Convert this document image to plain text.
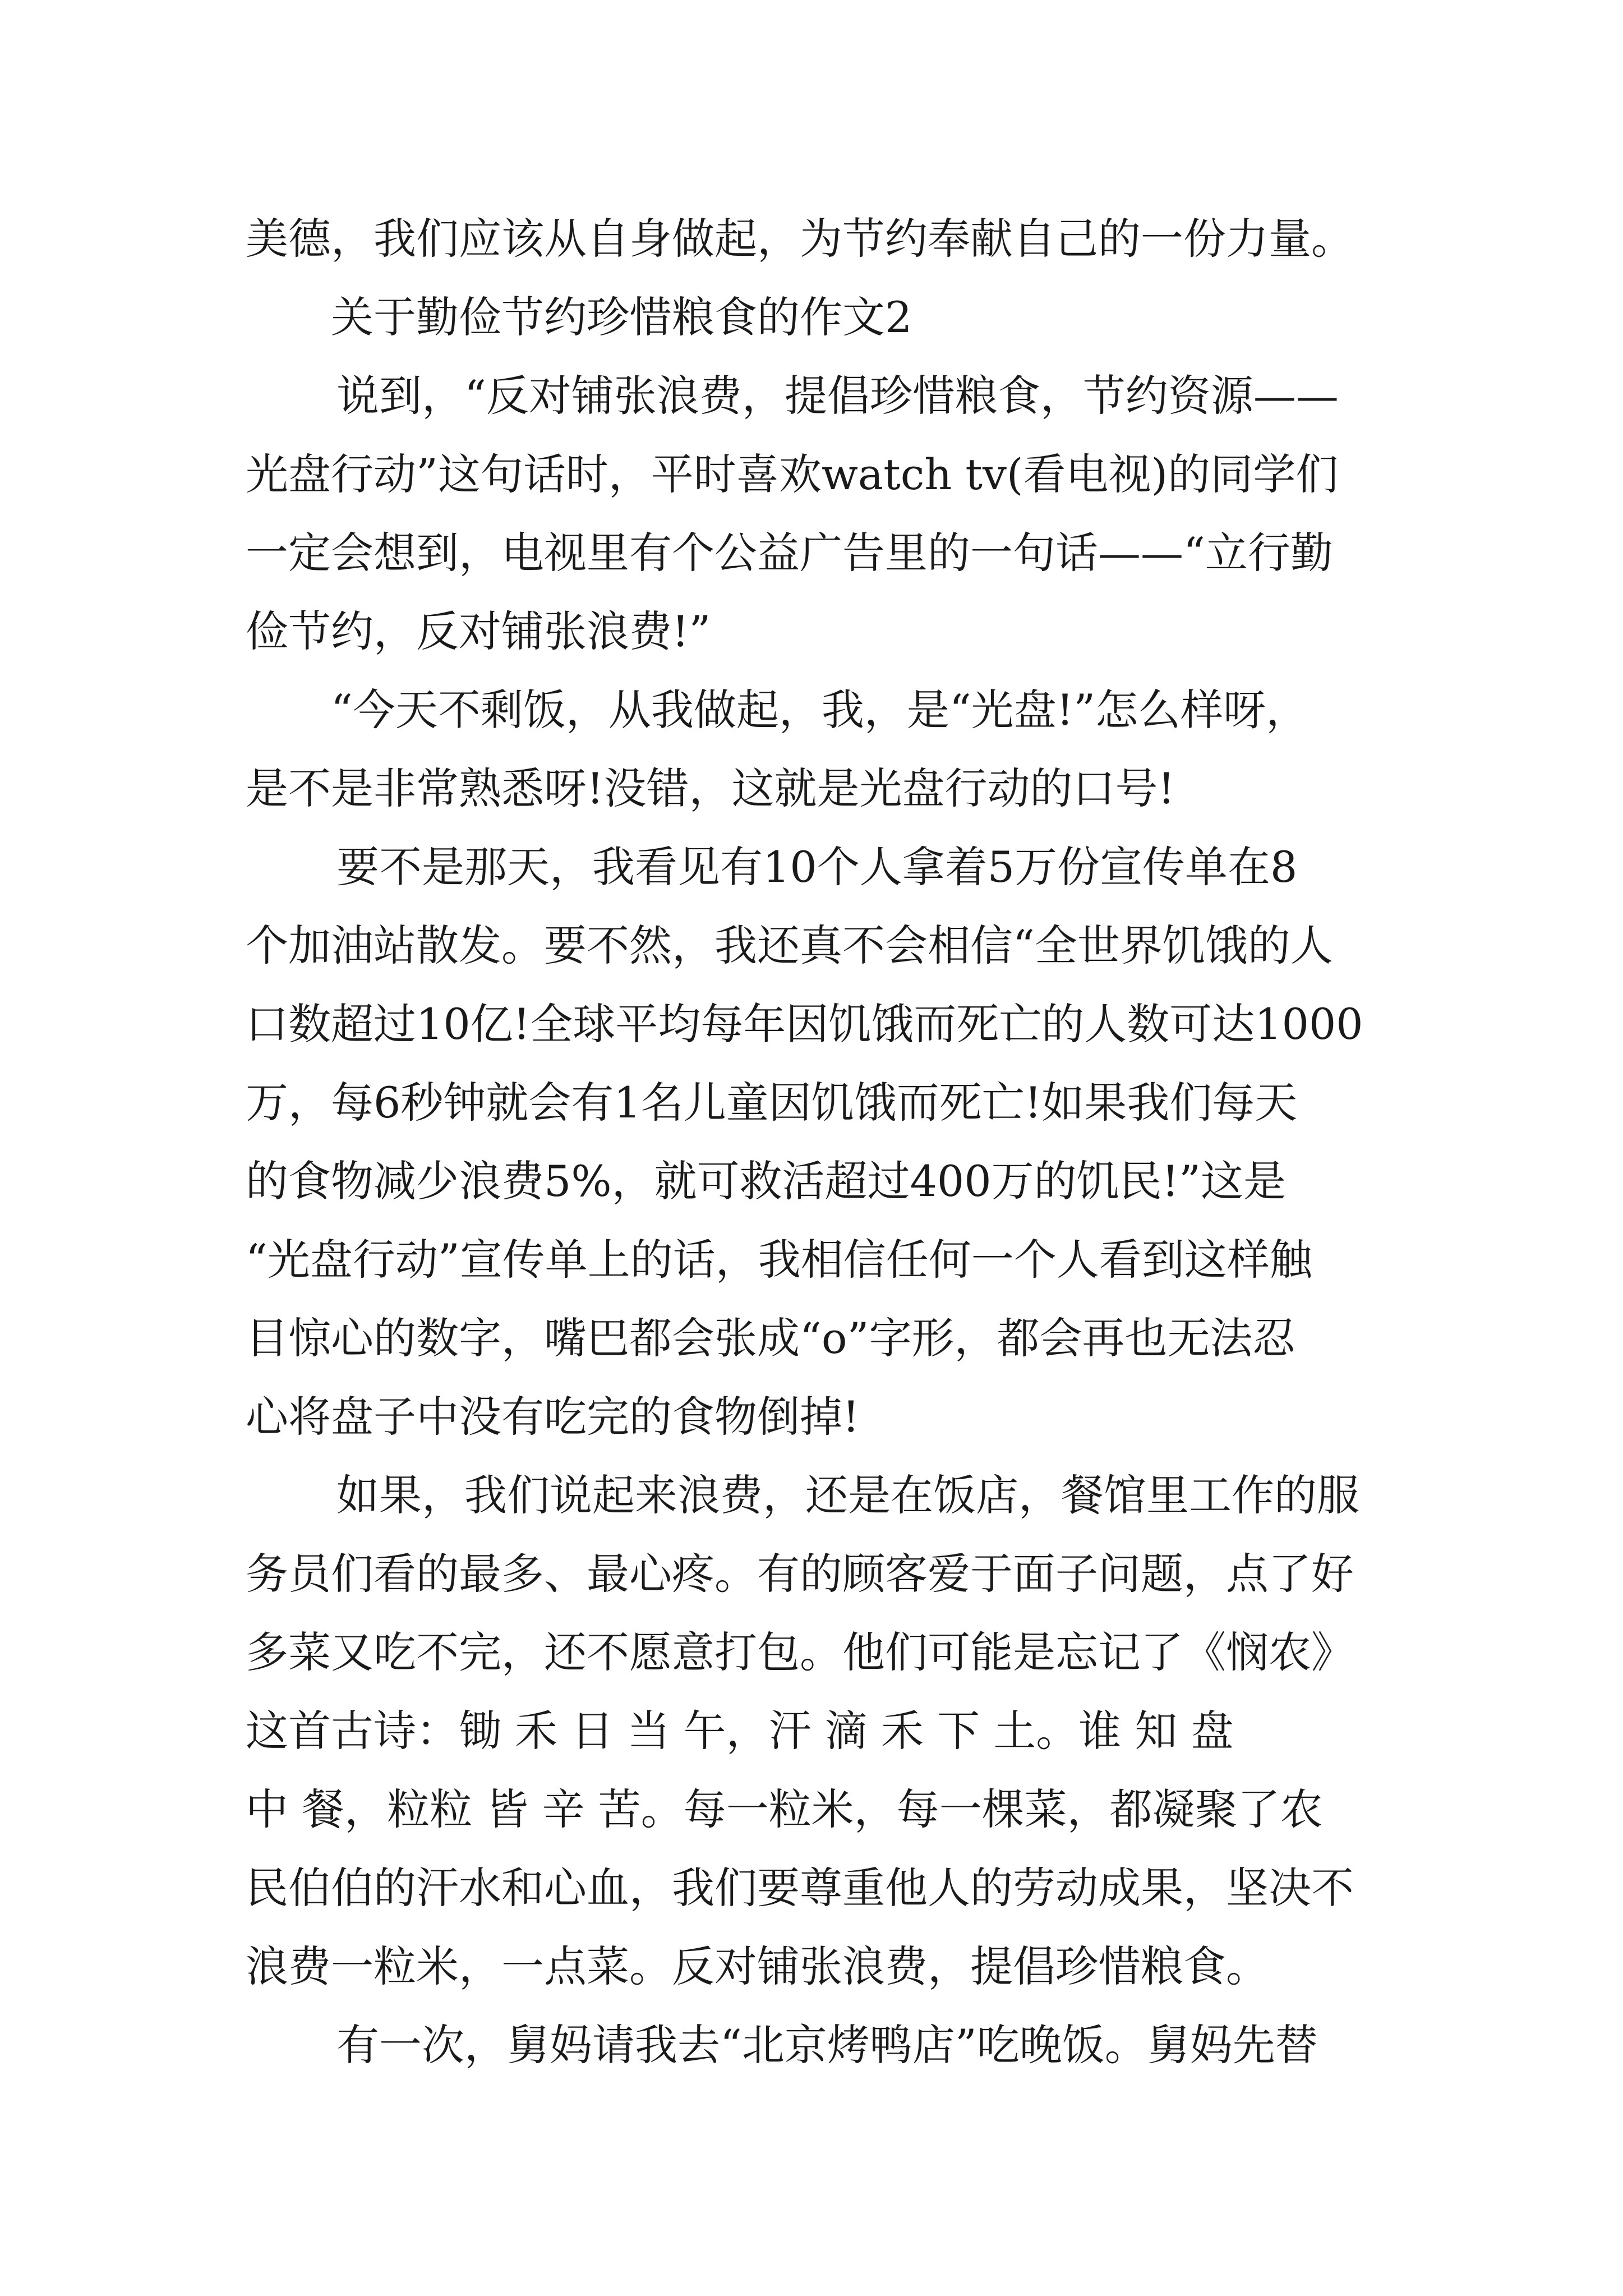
美德，我们应该从自身做起，为节约奉献自己的一份力量。
关于勤俭节约珍惜粮食的作文2
说到，“反对铺张浪费，提倡珍惜粮食，节约资源——
光盘行动”这句话时，平时喜欢watch tv(看电视)的同学们
一定会想到，电视里有个公益广告里的一句话——“立行勤
俭节约，反对铺张浪费!”
“今天不剩饭，从我做起，我，是“光盘!”怎么样呀，
是不是非常熟悉呀!没错，这就是光盘行动的口号!
要不是那天，我看见有10个人拿着5万份宣传单在8
个加油站散发。要不然，我还真不会相信“全世界饥饿的人
口数超过10亿!全球平均每年因饥饿而死亡的人数可达1000
万，每6秒钟就会有1名儿童因饥饿而死亡!如果我们每天
的食物减少浪费5%，就可救活超过400万的饥民!”这是
“光盘行动”宣传单上的话，我相信任何一个人看到这样触
目惊心的数字，嘴巴都会张成“o”字形，都会再也无法忍
心将盘子中没有吃完的食物倒掉!
如果，我们说起来浪费，还是在饭店，餐馆里工作的服
务员们看的最多、最心疼。有的顾客爱于面子问题，点了好
多菜又吃不完，还不愿意打包。他们可能是忘记了《悯农》
这首古诗：锄 禾 日 当 午，汗 滴 禾 下 土。谁 知 盘
中 餐，粒粒 皆 辛 苦。每一粒米，每一棵菜，都凝聚了农
民伯伯的汗水和心血，我们要尊重他人的劳动成果，坚决不
浪费一粒米，一点菜。反对铺张浪费，提倡珍惜粮食。
有一次，舅妈请我去“北京烤鸭店”吃晚饭。舅妈先替
